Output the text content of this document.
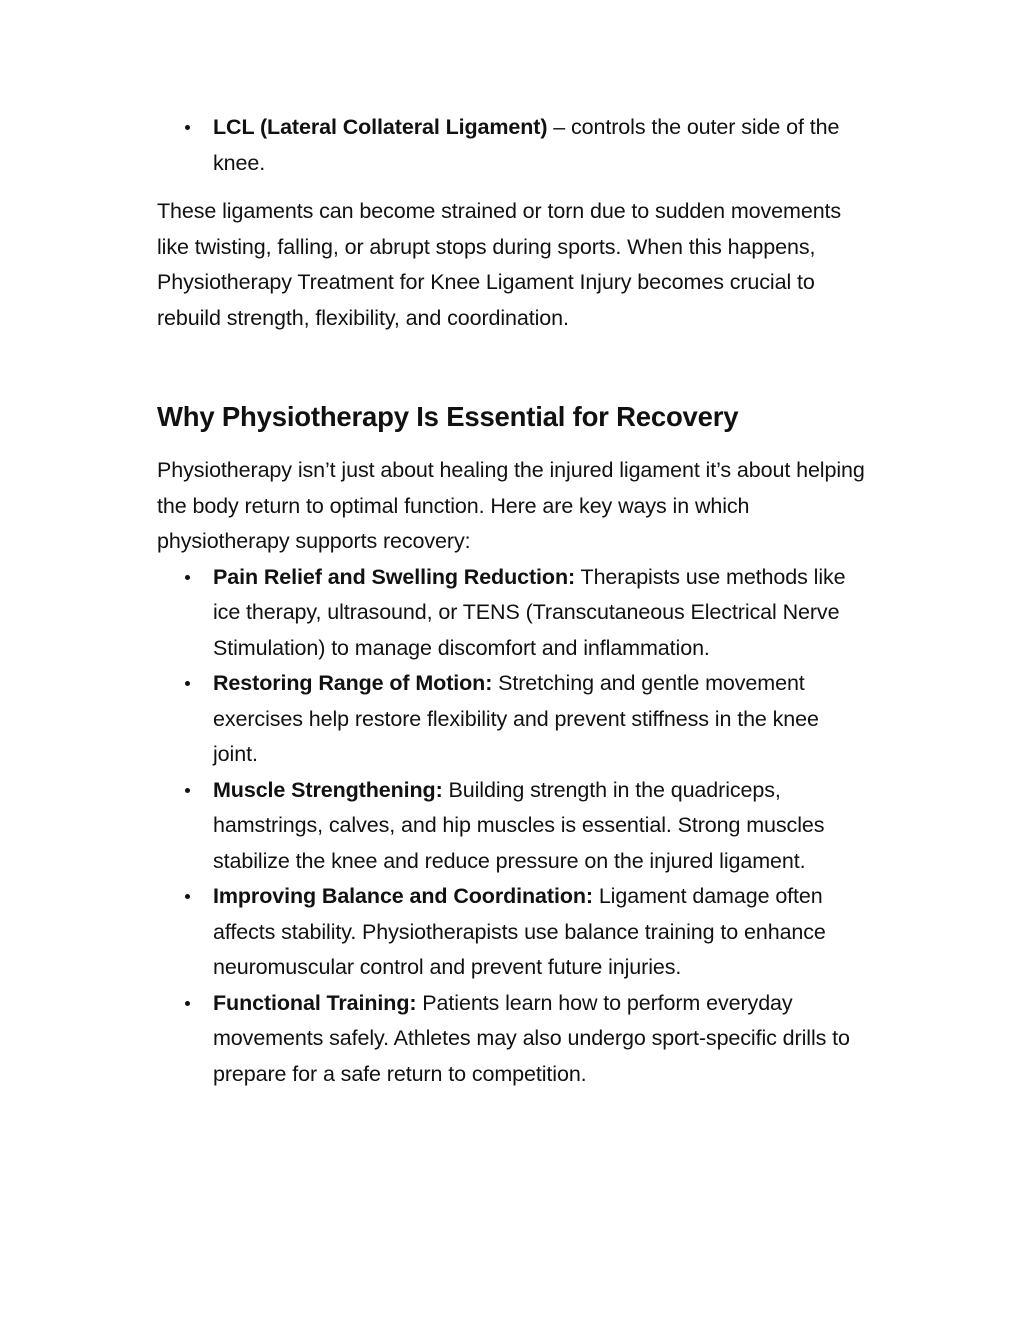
LCL (Lateral Collateral Ligament) – controls the outer side of the knee.

These ligaments can become strained or torn due to sudden movements like twisting, falling, or abrupt stops during sports. When this happens, Physiotherapy Treatment for Knee Ligament Injury becomes crucial to rebuild strength, flexibility, and coordination.

Why Physiotherapy Is Essential for Recovery

Physiotherapy isn’t just about healing the injured ligament it’s about helping the body return to optimal function. Here are key ways in which physiotherapy supports recovery:

Pain Relief and Swelling Reduction: Therapists use methods like ice therapy, ultrasound, or TENS (Transcutaneous Electrical Nerve Stimulation) to manage discomfort and inflammation.
Restoring Range of Motion: Stretching and gentle movement exercises help restore flexibility and prevent stiffness in the knee joint.
Muscle Strengthening: Building strength in the quadriceps, hamstrings, calves, and hip muscles is essential. Strong muscles stabilize the knee and reduce pressure on the injured ligament.
Improving Balance and Coordination: Ligament damage often affects stability. Physiotherapists use balance training to enhance neuromuscular control and prevent future injuries.
Functional Training: Patients learn how to perform everyday movements safely. Athletes may also undergo sport-specific drills to prepare for a safe return to competition.
